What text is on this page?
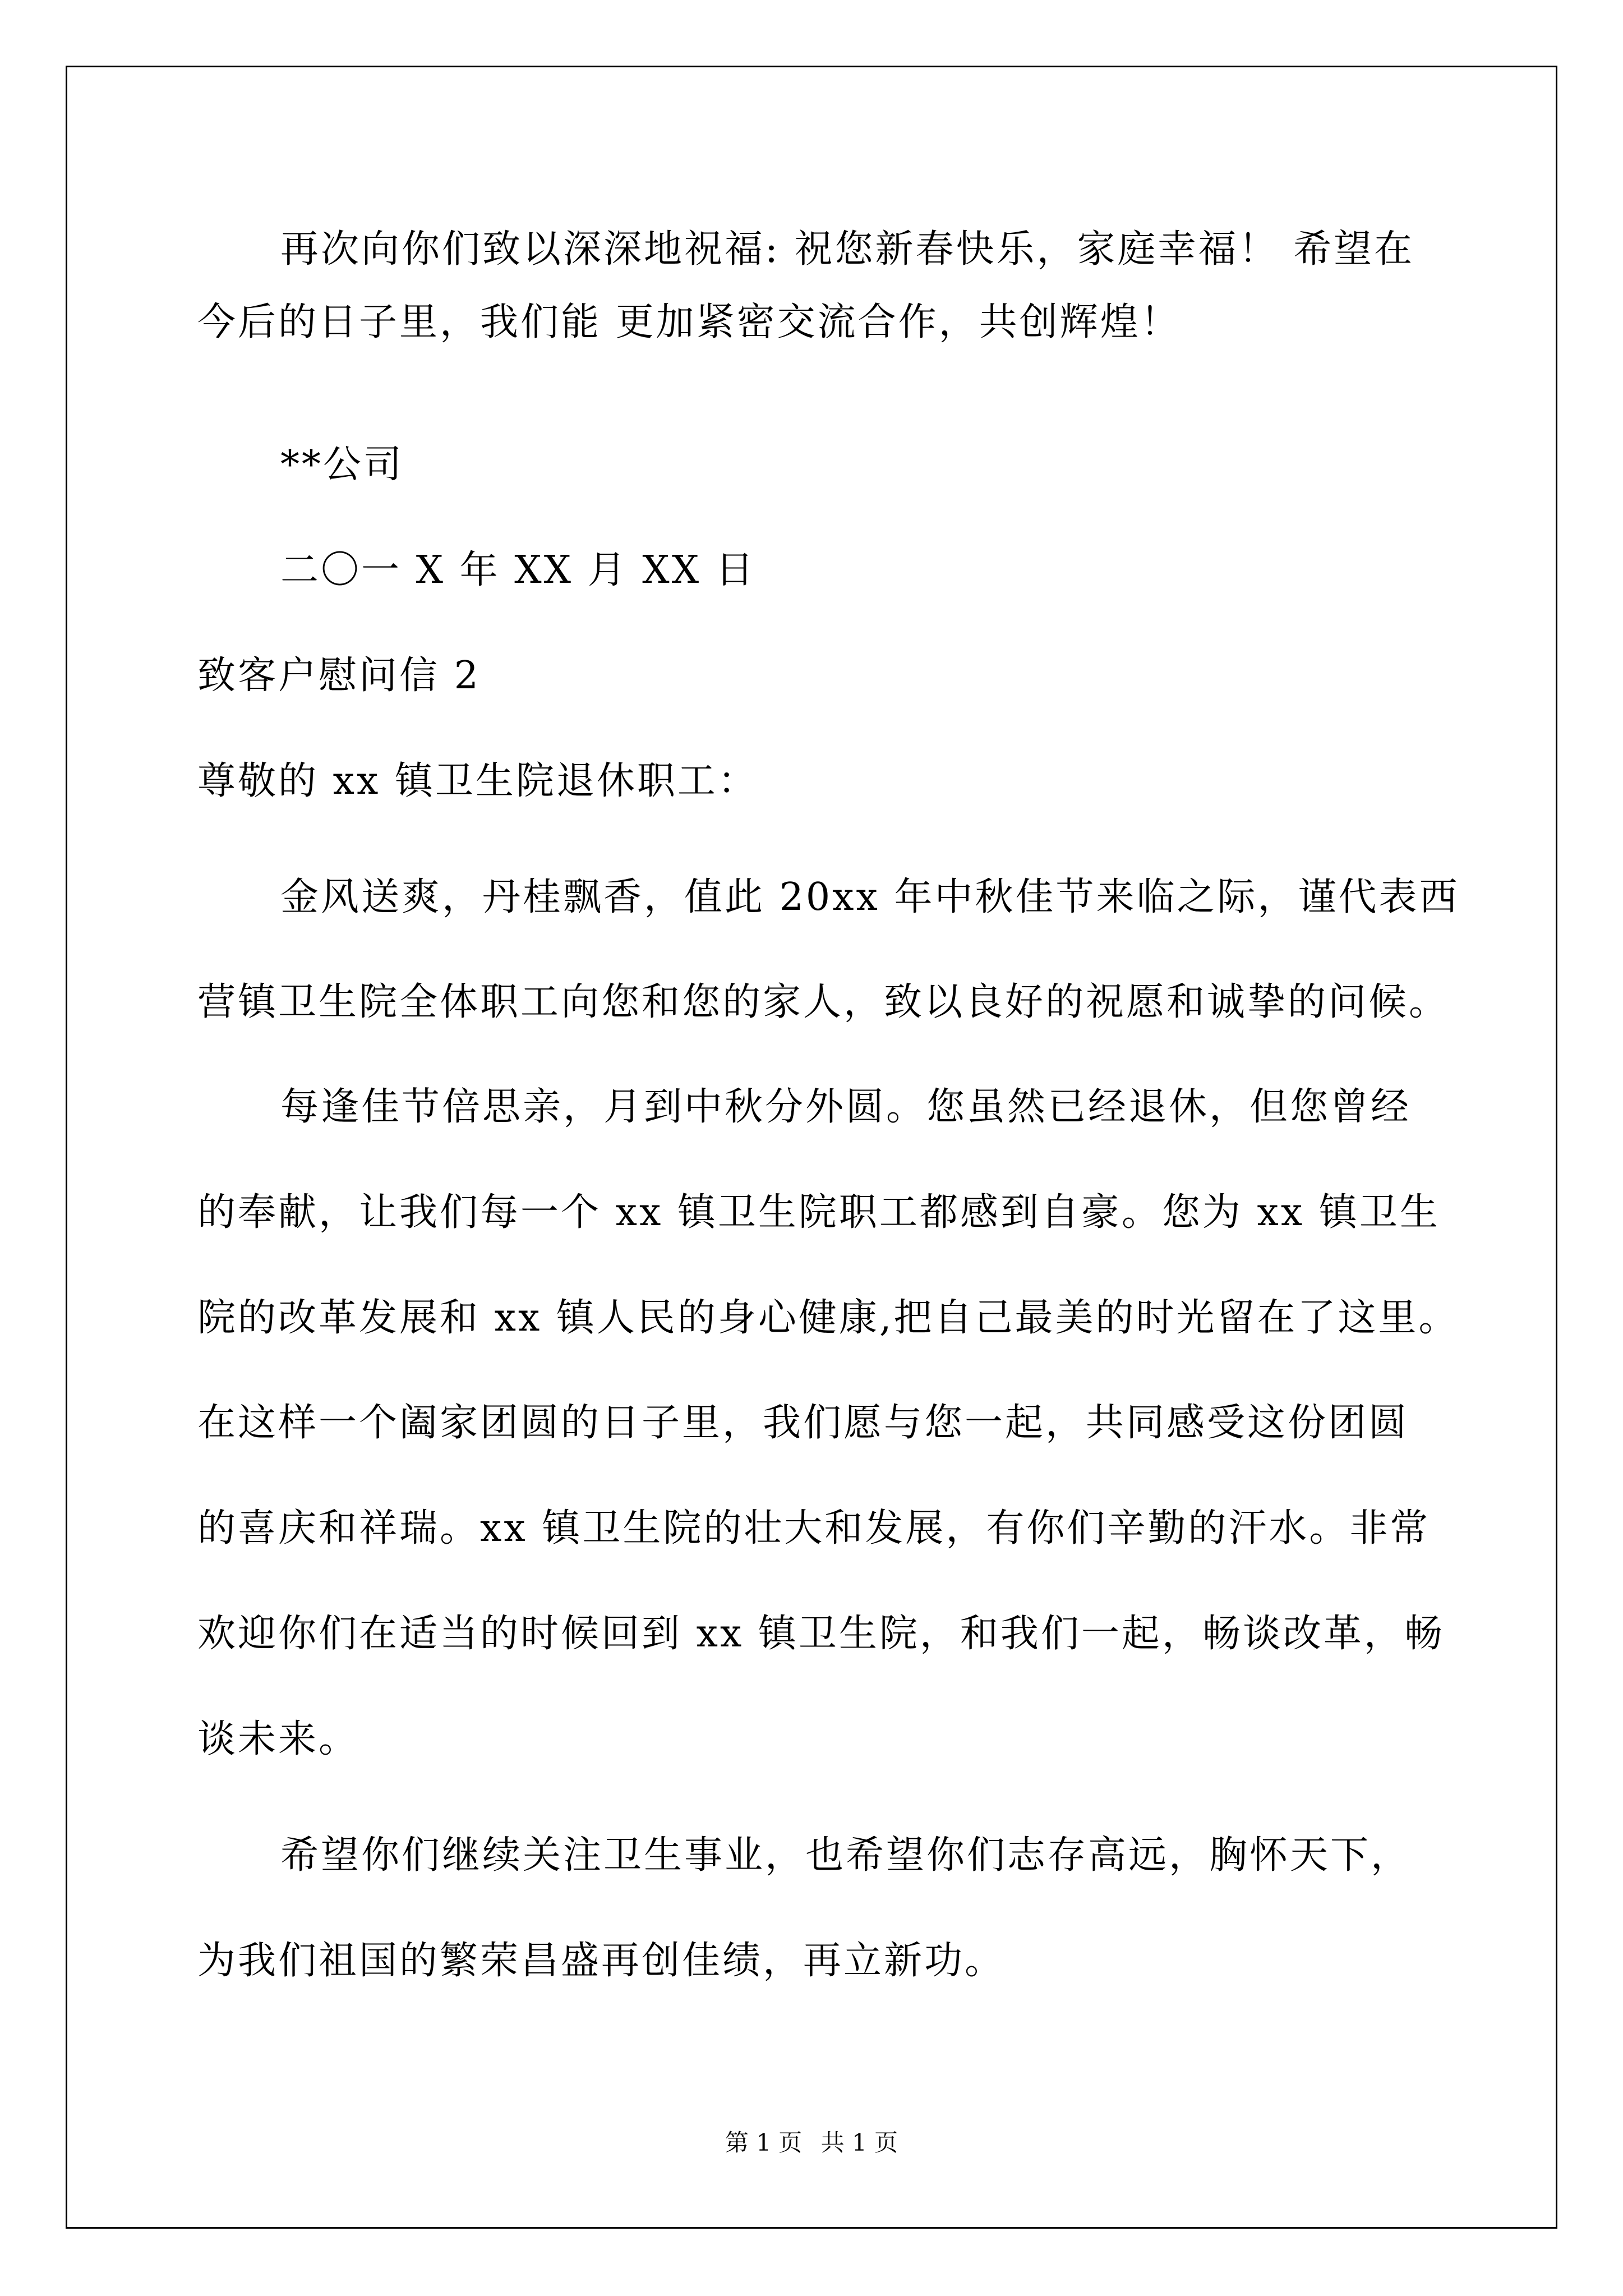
再次向你们致以深深地祝福: 祝您新春快乐，家庭幸福！ 希望在
今后的日子里，我们能 更加紧密交流合作，共创辉煌！
**公司
二〇一 X 年 XX 月 XX 日
致客户慰问信 2
尊敬的 xx 镇卫生院退休职工：
金风送爽，丹桂飘香，值此 20xx 年中秋佳节来临之际，谨代表西
营镇卫生院全体职工向您和您的家人，致以良好的祝愿和诚挚的问候。
每逢佳节倍思亲，月到中秋分外圆。您虽然已经退休，但您曾经
的奉献，让我们每一个 xx 镇卫生院职工都感到自豪。您为 xx 镇卫生
院的改革发展和 xx 镇人民的身心健康,把自己最美的时光留在了这里。
在这样一个阖家团圆的日子里，我们愿与您一起，共同感受这份团圆
的喜庆和祥瑞。xx 镇卫生院的壮大和发展，有你们辛勤的汗水。非常
欢迎你们在适当的时候回到 xx 镇卫生院，和我们一起，畅谈改革，畅
谈未来。
希望你们继续关注卫生事业，也希望你们志存高远，胸怀天下，
为我们祖国的繁荣昌盛再创佳绩，再立新功。
第 1 页 共 1 页
